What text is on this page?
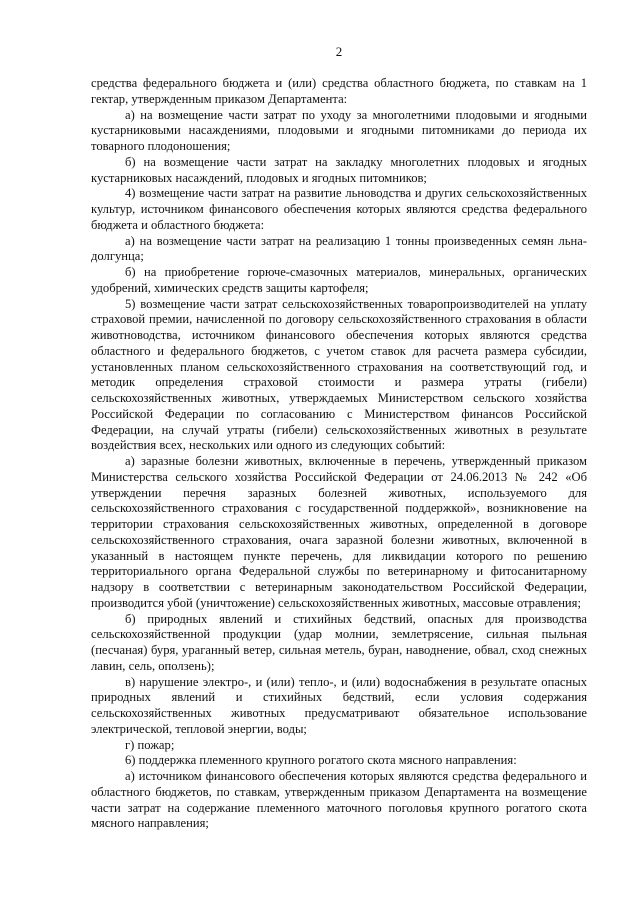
2

средства федерального бюджета и (или) средства областного бюджета, по ставкам на 1 гектар, утвержденным приказом Департамента:

а) на возмещение части затрат по уходу за многолетними плодовыми и ягодными кустарниковыми насаждениями, плодовыми и ягодными питомниками до периода их товарного плодоношения;

б) на возмещение части затрат на закладку многолетних плодовых и ягодных кустарниковых насаждений, плодовых и ягодных питомников;

4) возмещение части затрат на развитие льноводства и других сельскохозяйственных культур, источником финансового обеспечения которых являются средства федерального бюджета и областного бюджета:

а) на возмещение части затрат на реализацию 1 тонны произведенных семян льна-долгунца;

б) на приобретение горюче-смазочных материалов, минеральных, органических удобрений, химических средств защиты картофеля;

5) возмещение части затрат сельскохозяйственных товаропроизводителей на уплату страховой премии, начисленной по договору сельскохозяйственного страхования в области животноводства, источником финансового обеспечения которых являются средства областного и федерального бюджетов, с учетом ставок для расчета размера субсидии, установленных планом сельскохозяйственного страхования на соответствующий год, и методик определения страховой стоимости и размера утраты (гибели) сельскохозяйственных животных, утверждаемых Министерством сельского хозяйства Российской Федерации по согласованию с Министерством финансов Российской Федерации, на случай утраты (гибели) сельскохозяйственных животных в результате воздействия всех, нескольких или одного из следующих событий:

а) заразные болезни животных, включенные в перечень, утвержденный приказом Министерства сельского хозяйства Российской Федерации от 24.06.2013 № 242 «Об утверждении перечня заразных болезней животных, используемого для сельскохозяйственного страхования с государственной поддержкой», возникновение на территории страхования сельскохозяйственных животных, определенной в договоре сельскохозяйственного страхования, очага заразной болезни животных, включенной в указанный в настоящем пункте перечень, для ликвидации которого по решению территориального органа Федеральной службы по ветеринарному и фитосанитарному надзору в соответствии с ветеринарным законодательством Российской Федерации, производится убой (уничтожение) сельскохозяйственных животных, массовые отравления;

б) природных явлений и стихийных бедствий, опасных для производства сельскохозяйственной продукции (удар молнии, землетрясение, сильная пыльная (песчаная) буря, ураганный ветер, сильная метель, буран, наводнение, обвал, сход снежных лавин, сель, оползень);

в) нарушение электро-, и (или) тепло-, и (или) водоснабжения в результате опасных природных явлений и стихийных бедствий, если условия содержания сельскохозяйственных животных предусматривают обязательное использование электрической, тепловой энергии, воды;

г) пожар;

6) поддержка племенного крупного рогатого скота мясного направления:

а) источником финансового обеспечения которых являются средства федерального и областного бюджетов, по ставкам, утвержденным приказом Департамента на возмещение части затрат на содержание племенного маточного поголовья крупного рогатого скота мясного направления;
